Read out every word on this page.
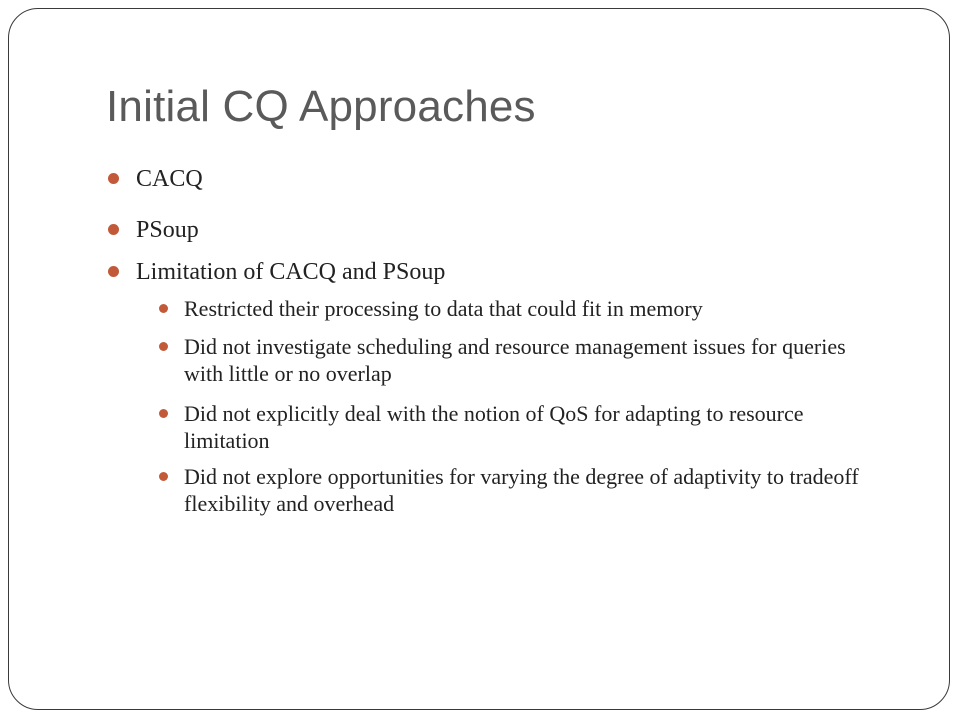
Initial CQ Approaches
CACQ
PSoup
Limitation of CACQ and PSoup
Restricted their processing to data that could fit in memory
Did not investigate scheduling and resource management issues for queries with little or no overlap
Did not explicitly deal with the notion of QoS for adapting to resource limitation
Did not explore opportunities for varying the degree of adaptivity to tradeoff flexibility and overhead
